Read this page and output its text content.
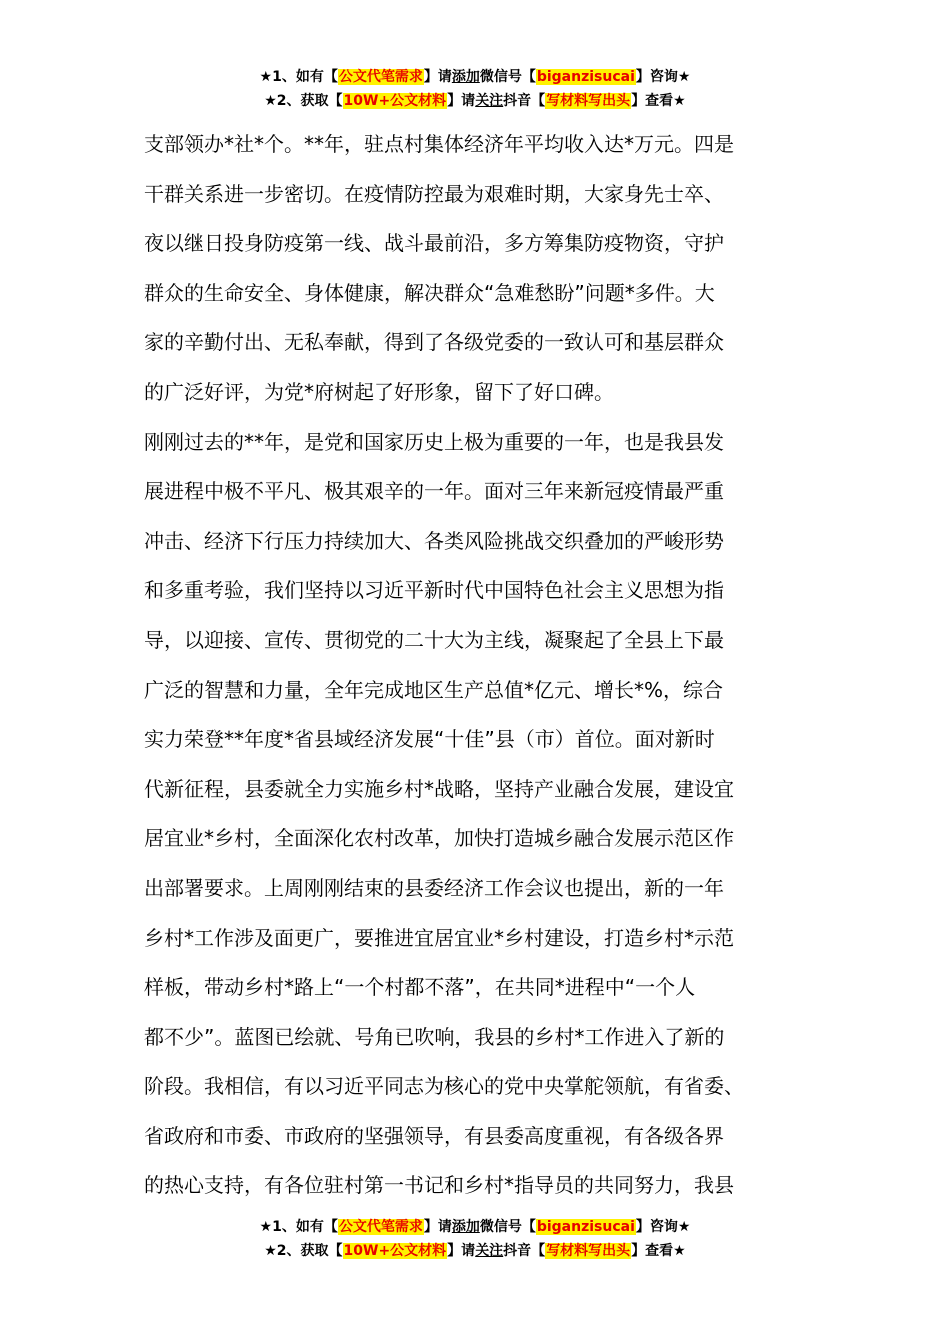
★1、如有【公文代笔需求】请添加微信号【biganzisucai】咨询★
★2、获取【10W+公文材料】请关注抖音【写材料写出头】查看★
支部领办*社*个。**年，驻点村集体经济年平均收入达*万元。四是
干群关系进一步密切。在疫情防控最为艰难时期，大家身先士卒、
夜以继日投身防疫第一线、战斗最前沿，多方筹集防疫物资，守护
群众的生命安全、身体健康，解决群众“急难愁盼”问题*多件。大
家的辛勤付出、无私奉献，得到了各级党委的一致认可和基层群众
的广泛好评，为党*府树起了好形象，留下了好口碑。
刚刚过去的**年，是党和国家历史上极为重要的一年，也是我县发
展进程中极不平凡、极其艰辛的一年。面对三年来新冠疫情最严重
冲击、经济下行压力持续加大、各类风险挑战交织叠加的严峻形势
和多重考验，我们坚持以习近平新时代中国特色社会主义思想为指
导，以迎接、宣传、贯彻党的二十大为主线，凝聚起了全县上下最
广泛的智慧和力量，全年完成地区生产总值*亿元、增长*%，综合
实力荣登**年度*省县域经济发展“十佳”县（市）首位。面对新时
代新征程，县委就全力实施乡村*战略，坚持产业融合发展，建设宜
居宜业*乡村，全面深化农村改革，加快打造城乡融合发展示范区作
出部署要求。上周刚刚结束的县委经济工作会议也提出，新的一年
乡村*工作涉及面更广，要推进宜居宜业*乡村建设，打造乡村*示范
样板，带动乡村*路上“一个村都不落”，在共同*进程中“一个人
都不少”。蓝图已绘就、号角已吹响，我县的乡村*工作进入了新的
阶段。我相信，有以习近平同志为核心的党中央掌舵领航，有省委、
省政府和市委、市政府的坚强领导，有县委高度重视，有各级各界
的热心支持，有各位驻村第一书记和乡村*指导员的共同努力，我县
★1、如有【公文代笔需求】请添加微信号【biganzisucai】咨询★
★2、获取【10W+公文材料】请关注抖音【写材料写出头】查看★
